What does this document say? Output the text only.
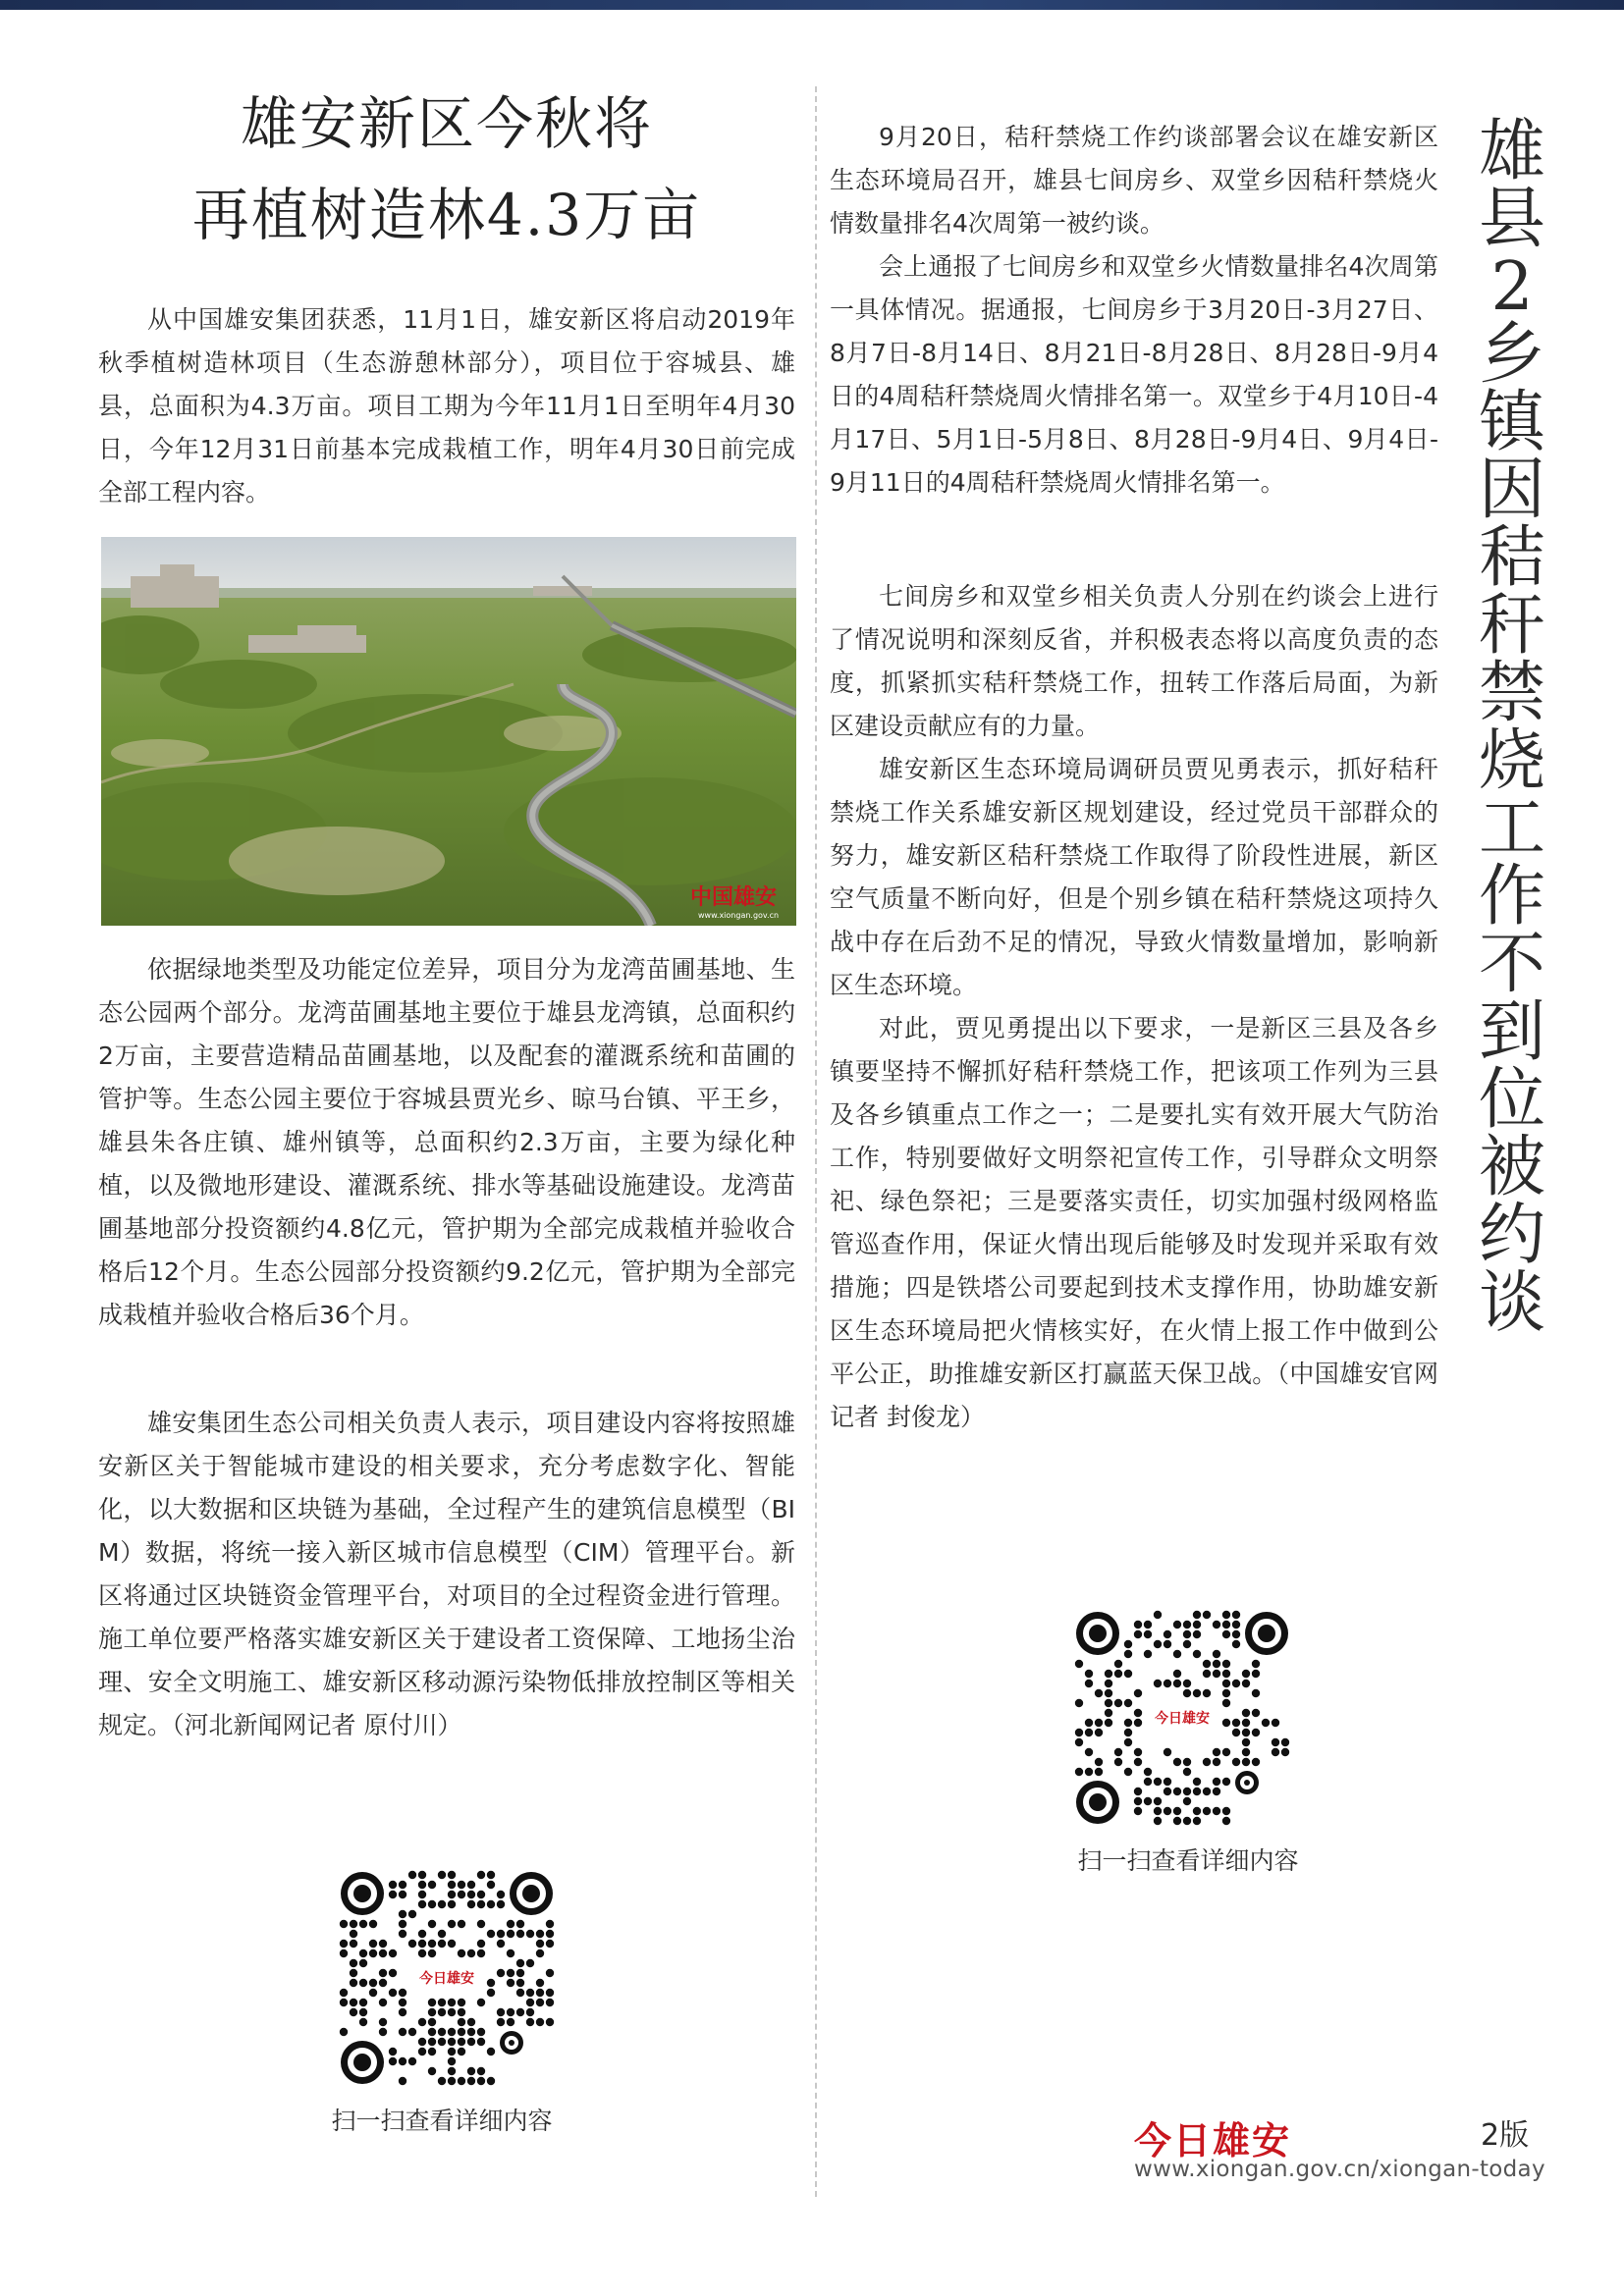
雄安新区今秋将
再植树造林4.3万亩

从中国雄安集团获悉，11月1日，雄安新区将启动2019年秋季植树造林项目（生态游憩林部分），项目位于容城县、雄县，总面积为4.3万亩。项目工期为今年11月1日至明年4月30日，今年12月31日前基本完成栽植工作，明年4月30日前完成全部工程内容。

中国雄安
www.xiongan.gov.cn

依据绿地类型及功能定位差异，项目分为龙湾苗圃基地、生态公园两个部分。龙湾苗圃基地主要位于雄县龙湾镇，总面积约2万亩，主要营造精品苗圃基地，以及配套的灌溉系统和苗圃的管护等。生态公园主要位于容城县贾光乡、晾马台镇、平王乡，雄县朱各庄镇、雄州镇等，总面积约2.3万亩，主要为绿化种植，以及微地形建设、灌溉系统、排水等基础设施建设。龙湾苗圃基地部分投资额约4.8亿元，管护期为全部完成栽植并验收合格后12个月。生态公园部分投资额约9.2亿元，管护期为全部完成栽植并验收合格后36个月。

雄安集团生态公司相关负责人表示，项目建设内容将按照雄安新区关于智能城市建设的相关要求，充分考虑数字化、智能化，以大数据和区块链为基础，全过程产生的建筑信息模型（BIM）数据，将统一接入新区城市信息模型（CIM）管理平台。新区将通过区块链资金管理平台，对项目的全过程资金进行管理。施工单位要严格落实雄安新区关于建设者工资保障、工地扬尘治理、安全文明施工、雄安新区移动源污染物低排放控制区等相关规定。（河北新闻网记者 原付川）

今日雄安
扫一扫查看详细内容

9月20日，秸秆禁烧工作约谈部署会议在雄安新区生态环境局召开，雄县七间房乡、双堂乡因秸秆禁烧火情数量排名4次周第一被约谈。

会上通报了七间房乡和双堂乡火情数量排名4次周第一具体情况。据通报，七间房乡于3月20日-3月27日、8月7日-8月14日、8月21日-8月28日、8月28日-9月4日的4周秸秆禁烧周火情排名第一。双堂乡于4月10日-4月17日、5月1日-5月8日、8月28日-9月4日、9月4日-9月11日的4周秸秆禁烧周火情排名第一。

七间房乡和双堂乡相关负责人分别在约谈会上进行了情况说明和深刻反省，并积极表态将以高度负责的态度，抓紧抓实秸秆禁烧工作，扭转工作落后局面，为新区建设贡献应有的力量。

雄安新区生态环境局调研员贾见勇表示，抓好秸秆禁烧工作关系雄安新区规划建设，经过党员干部群众的努力，雄安新区秸秆禁烧工作取得了阶段性进展，新区空气质量不断向好，但是个别乡镇在秸秆禁烧这项持久战中存在后劲不足的情况，导致火情数量增加，影响新区生态环境。

对此，贾见勇提出以下要求，一是新区三县及各乡镇要坚持不懈抓好秸秆禁烧工作，把该项工作列为三县及各乡镇重点工作之一；二是要扎实有效开展大气防治工作，特别要做好文明祭祀宣传工作，引导群众文明祭祀、绿色祭祀；三是要落实责任，切实加强村级网格监管巡查作用，保证火情出现后能够及时发现并采取有效措施；四是铁塔公司要起到技术支撑作用，协助雄安新区生态环境局把火情核实好，在火情上报工作中做到公平公正，助推雄安新区打赢蓝天保卫战。（中国雄安官网记者 封俊龙）

雄
县
2
乡
镇
因
秸
秆
禁
烧
工
作
不
到
位
被
约
谈
今日雄安
扫一扫查看详细内容
今日雄安	2版
www.xiongan.gov.cn/xiongan-today
